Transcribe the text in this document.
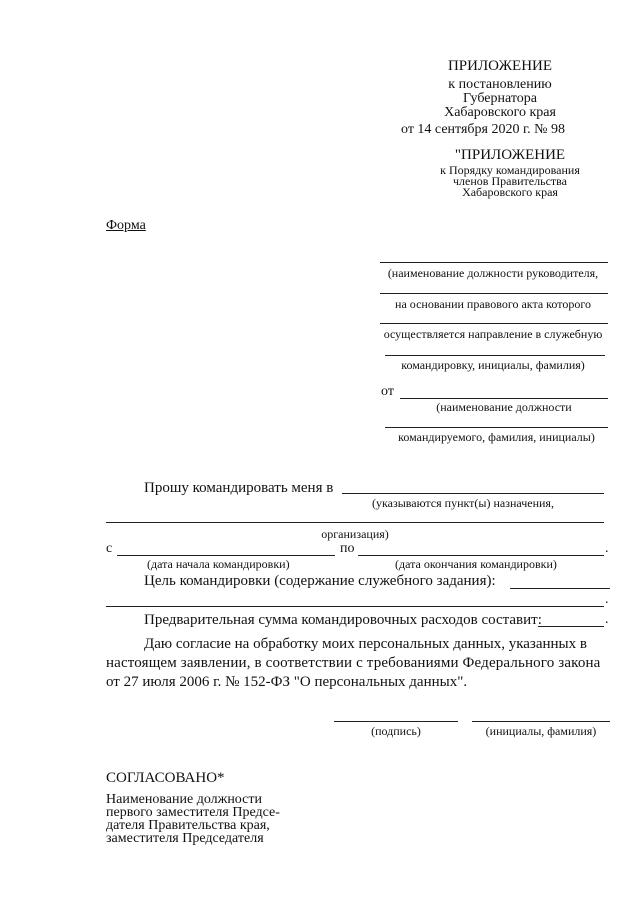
ПРИЛОЖЕНИЕ
к постановлению
Губернатора
Хабаровского края
от 14 сентября 2020 г. № 98
"ПРИЛОЖЕНИЕ
к Порядку командирования
членов Правительства
Хабаровского края
Форма
(наименование должности руководителя,
на основании правового акта которого
осуществляется направление в служебную
командировку, инициалы, фамилия)
от
(наименование должности
командируемого, фамилия, инициалы)
Прошу командировать меня в
(указываются пункт(ы) назначения,
организация)
с	по	.
(дата начала командировки)	(дата окончания командировки)
Цель командировки (содержание служебного задания):
.
Предварительная сумма командировочных расходов составит:	.
Даю согласие на обработку моих персональных данных, указанных в
настоящем заявлении, в соответствии с требованиями Федерального закона
от 27 июля 2006 г. № 152-ФЗ "О персональных данных".
(подпись)	(инициалы, фамилия)
СОГЛАСОВАНО*
Наименование должности
первого заместителя Предсе-
дателя Правительства края,
заместителя Председателя
